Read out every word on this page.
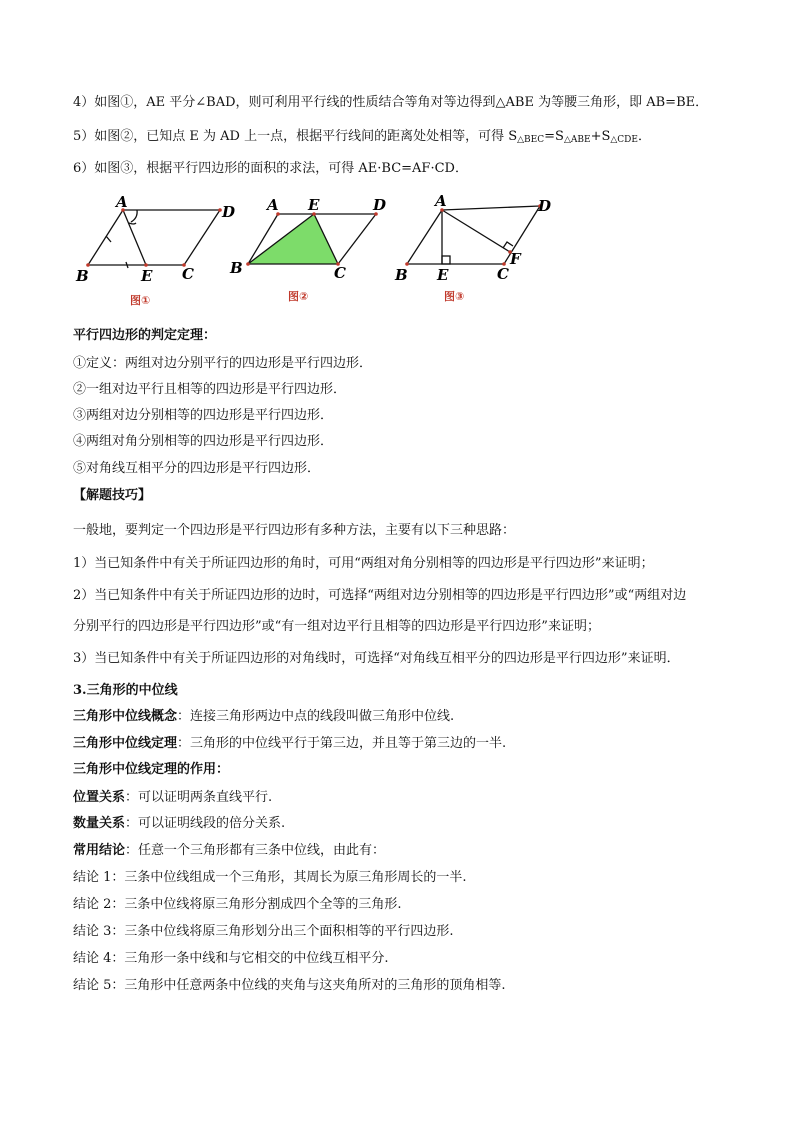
4）如图①，AE 平分∠BAD，则可利用平行线的性质结合等角对等边得到△ABE 为等腰三角形，即 AB=BE．
5）如图②，已知点 E 为 AD 上一点，根据平行线间的距离处处相等，可得 $S_{\triangle BEC}=S_{\triangle ABE}+S_{\triangle CDE}$．
6）如图③，根据平行四边形的面积的求法，可得 AE·BC=AF·CD．
A
D
B	E C
图①
A E	D
B	C
图②
A	D
B E	C
F
图③
平行四边形的判定定理：
①定义：两组对边分别平行的四边形是平行四边形．
②一组对边平行且相等的四边形是平行四边形．
③两组对边分别相等的四边形是平行四边形．
④两组对角分别相等的四边形是平行四边形．
⑤对角线互相平分的四边形是平行四边形．
【解题技巧】
一般地，要判定一个四边形是平行四边形有多种方法，主要有以下三种思路：
1）当已知条件中有关于所证四边形的角时，可用“两组对角分别相等的四边形是平行四边形”来证明；
2）当已知条件中有关于所证四边形的边时，可选择“两组对边分别相等的四边形是平行四边形”或“两组对边
分别平行的四边形是平行四边形”或“有一组对边平行且相等的四边形是平行四边形”来证明；
3）当已知条件中有关于所证四边形的对角线时，可选择“对角线互相平分的四边形是平行四边形”来证明．
3.三角形的中位线
三角形中位线概念：连接三角形两边中点的线段叫做三角形中位线.
三角形中位线定理：三角形的中位线平行于第三边，并且等于第三边的一半.
三角形中位线定理的作用：
位置关系：可以证明两条直线平行.
数量关系：可以证明线段的倍分关系.
常用结论：任意一个三角形都有三条中位线，由此有：
结论 1：三条中位线组成一个三角形，其周长为原三角形周长的一半.
结论 2：三条中位线将原三角形分割成四个全等的三角形.
结论 3：三条中位线将原三角形划分出三个面积相等的平行四边形.
结论 4：三角形一条中线和与它相交的中位线互相平分.
结论 5：三角形中任意两条中位线的夹角与这夹角所对的三角形的顶角相等.
